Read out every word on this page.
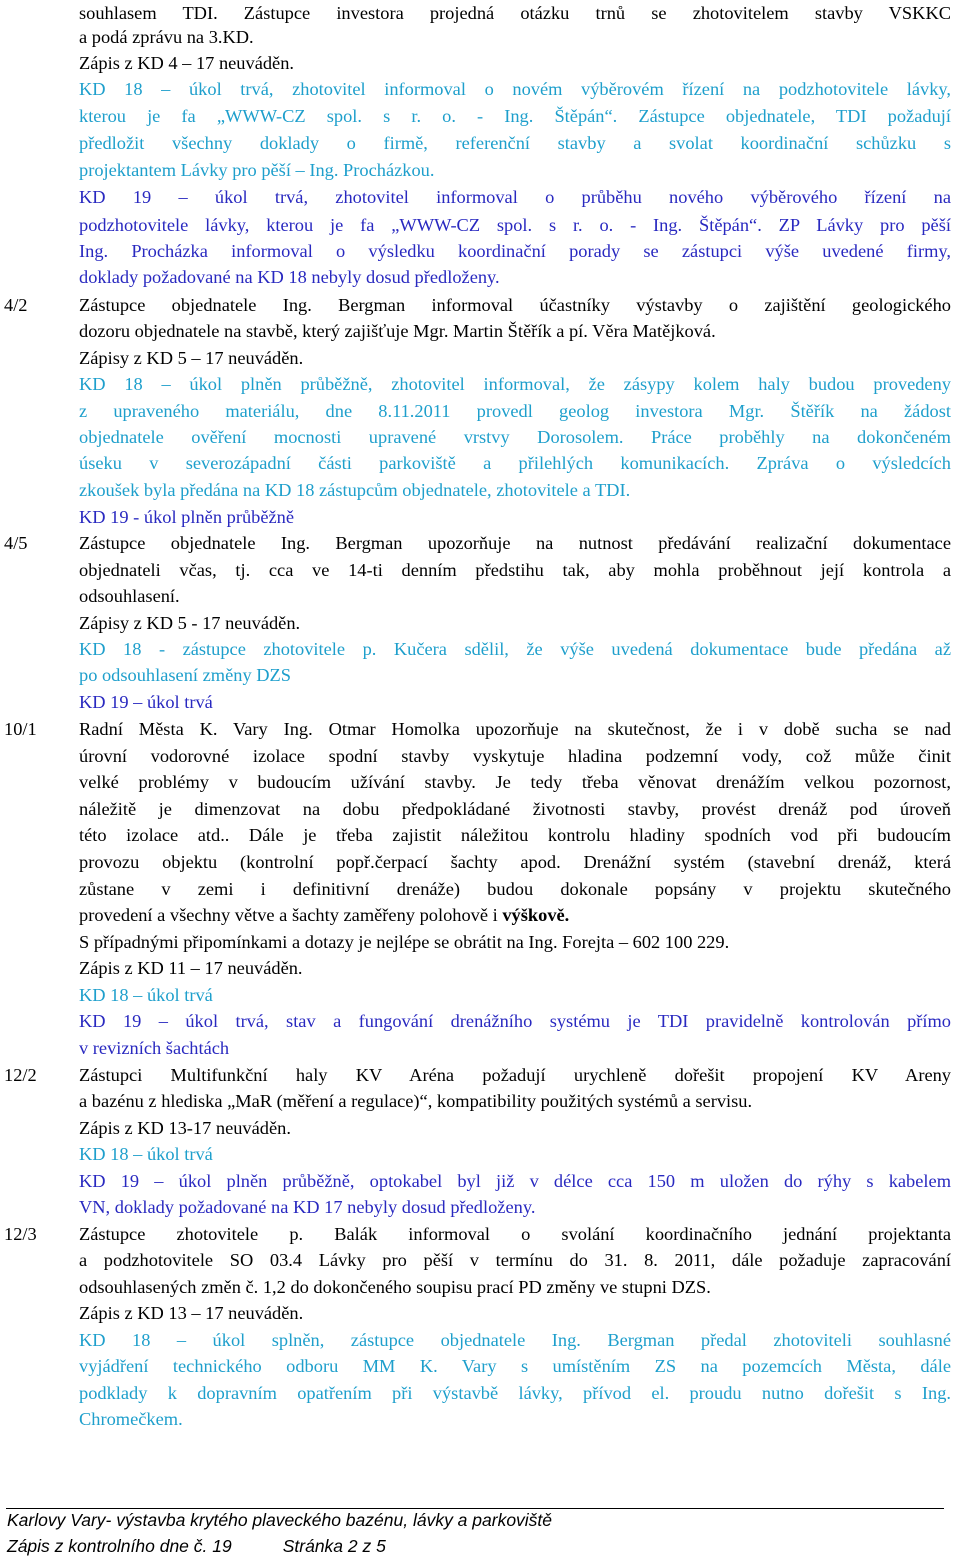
souhlasem TDI. Zástupce investora projedná otázku trnů se zhotovitelem stavby VSKKC
a podá zprávu na 3.KD.
Zápis z KD 4 – 17 neuváděn.
KD 18 – úkol trvá, zhotovitel informoval o novém výběrovém řízení na podzhotovitele lávky,
kterou je fa „WWW-CZ spol. s r. o. - Ing. Štěpán“. Zástupce objednatele, TDI požadují
předložit všechny doklady o firmě, referenční stavby a svolat koordinační schůzku s
projektantem Lávky pro pěší – Ing. Procházkou.
KD 19 – úkol trvá, zhotovitel informoval o průběhu nového výběrového řízení na
podzhotovitele lávky, kterou je fa „WWW-CZ spol. s r. o. - Ing. Štěpán“. ZP Lávky pro pěší
Ing. Procházka informoval o výsledku koordinační porady se zástupci výše uvedené firmy,
doklady požadované na KD 18 nebyly dosud předloženy.
4/2	Zástupce objednatele Ing. Bergman informoval účastníky výstavby o zajištění geologického
dozoru objednatele na stavbě, který zajišťuje Mgr. Martin Štěřík a pí. Věra Matějková.
Zápisy z KD 5 – 17 neuváděn.
KD 18 – úkol plněn průběžně, zhotovitel informoval, že zásypy kolem haly budou provedeny
z upraveného materiálu, dne 8.11.2011 provedl geolog investora Mgr. Štěřík na žádost
objednatele ověření mocnosti upravené vrstvy Dorosolem. Práce proběhly na dokončeném
úseku v severozápadní části parkoviště a přilehlých komunikacích. Zpráva o výsledcích
zkoušek byla předána na KD 18 zástupcům objednatele, zhotovitele a TDI.
KD 19 - úkol plněn průběžně
4/5	Zástupce objednatele Ing. Bergman upozorňuje na nutnost předávání realizační dokumentace
objednateli včas, tj. cca ve 14-ti denním předstihu tak, aby mohla proběhnout její kontrola a
odsouhlasení.
Zápisy z KD 5 - 17 neuváděn.
KD 18 - zástupce zhotovitele p. Kučera sdělil, že výše uvedená dokumentace bude předána až
po odsouhlasení změny DZS
KD 19 – úkol trvá
10/1 Radní Města K. Vary Ing. Otmar Homolka upozorňuje na skutečnost, že i v době sucha se nad
úrovní vodorovné izolace spodní stavby vyskytuje hladina podzemní vody, což může činit
velké problémy v budoucím užívání stavby. Je tedy třeba věnovat drenážím velkou pozornost,
náležitě je dimenzovat na dobu předpokládané životnosti stavby, provést drenáž pod úroveň
této izolace atd.. Dále je třeba zajistit náležitou kontrolu hladiny spodních vod při budoucím
provozu objektu (kontrolní popř.čerpací šachty apod. Drenážní systém (stavební drenáž, která
zůstane v zemi i definitivní drenáže) budou dokonale popsány v projektu skutečného
provedení a všechny větve a šachty zaměřeny polohově i výškově.
S případnými připomínkami a dotazy je nejlépe se obrátit na Ing. Forejta – 602 100 229.
Zápis z KD 11 – 17 neuváděn.
KD 18 – úkol trvá
KD 19 – úkol trvá, stav a fungování drenážního systému je TDI pravidelně kontrolován přímo
v revizních šachtách
12/2 Zástupci Multifunkční haly KV Aréna požadují urychleně dořešit propojení KV Areny
a bazénu z hlediska „MaR (měření a regulace)“, kompatibility použitých systémů a servisu.
Zápis z KD 13-17 neuváděn.
KD 18 – úkol trvá
KD 19 – úkol plněn průběžně, optokabel byl již v délce cca 150 m uložen do rýhy s kabelem
VN, doklady požadované na KD 17 nebyly dosud předloženy.
12/3 Zástupce zhotovitele p. Balák informoval o svolání koordinačního jednání projektanta
a podzhotovitele SO 03.4 Lávky pro pěší v termínu do 31. 8. 2011, dále požaduje zapracování
odsouhlasených změn č. 1,2 do dokončeného soupisu prací PD změny ve stupni DZS.
Zápis z KD 13 – 17 neuváděn.
KD 18 – úkol splněn, zástupce objednatele Ing. Bergman předal zhotoviteli souhlasné
vyjádření technického odboru MM K. Vary s umístěním ZS na pozemcích Města, dále
podklady k dopravním opatřením při výstavbě lávky, přívod el. proudu nutno dořešit s Ing.
Chromečkem.
Karlovy Vary- výstavba krytého plaveckého bazénu, lávky a parkoviště
Zápis z kontrolního dne č. 19	Stránka 2 z 5
